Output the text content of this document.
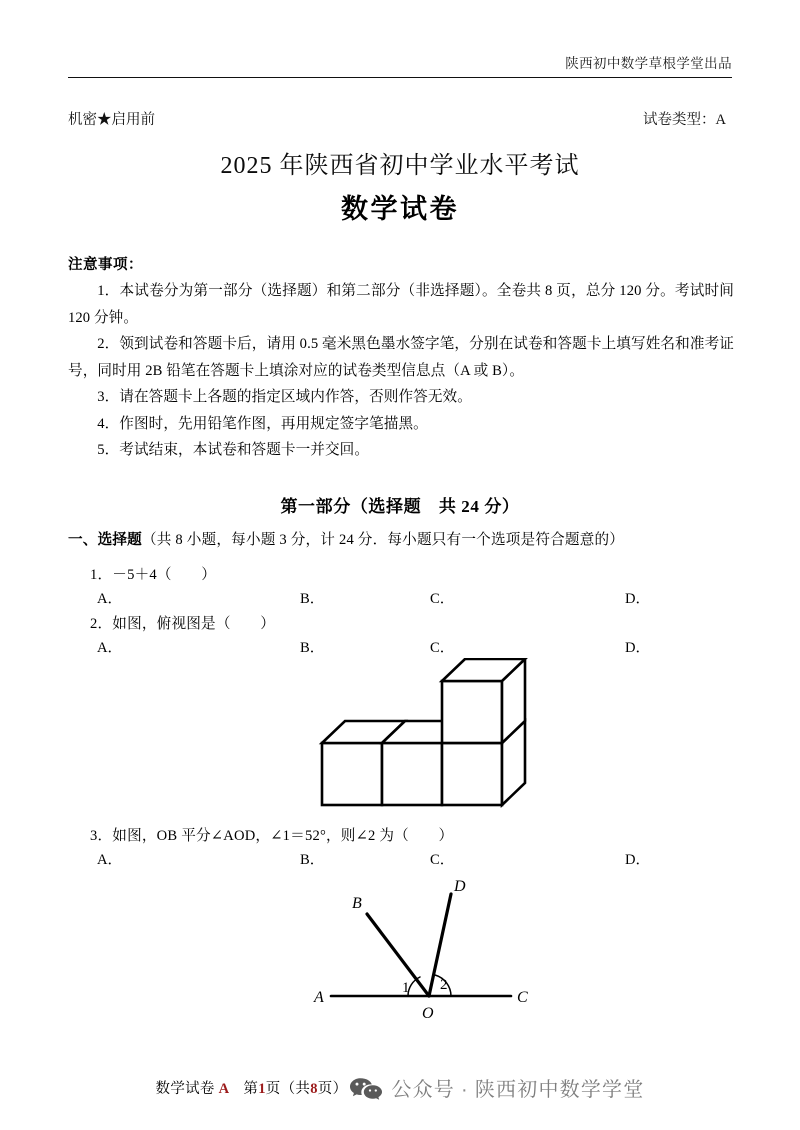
陕西初中数学草根学堂出品
机密★启用前	试卷类型：A
2025 年陕西省初中学业水平考试
数学试卷
注意事项：

1．本试卷分为第一部分（选择题）和第二部分（非选择题）。全卷共 8 页，总分 120 分。考试时间 120 分钟。

2．领到试卷和答题卡后，请用 0.5 毫米黑色墨水签字笔，分别在试卷和答题卡上填写姓名和准考证号，同时用 2B 铅笔在答题卡上填涂对应的试卷类型信息点（A 或 B）。

3．请在答题卡上各题的指定区域内作答，否则作答无效。

4．作图时，先用铅笔作图，再用规定签字笔描黑。

5．考试结束，本试卷和答题卡一并交回。

第一部分（选择题　共 24 分）
一、选择题（共 8 小题，每小题 3 分，计 24 分．每小题只有一个选项是符合题意的）
1．－5＋4（　　）
A．	B．	C．	D．
2．如图，俯视图是（　　）
A．	B．	C．	D．
3．如图，OB 平分∠AOD，∠1＝52°，则∠2 为（　　）
A．	B．	C．	D．
A
B
C
D
O
1 2
数学试卷 A 第1页（共8页） 公众号 · 陕西初中数学学堂
